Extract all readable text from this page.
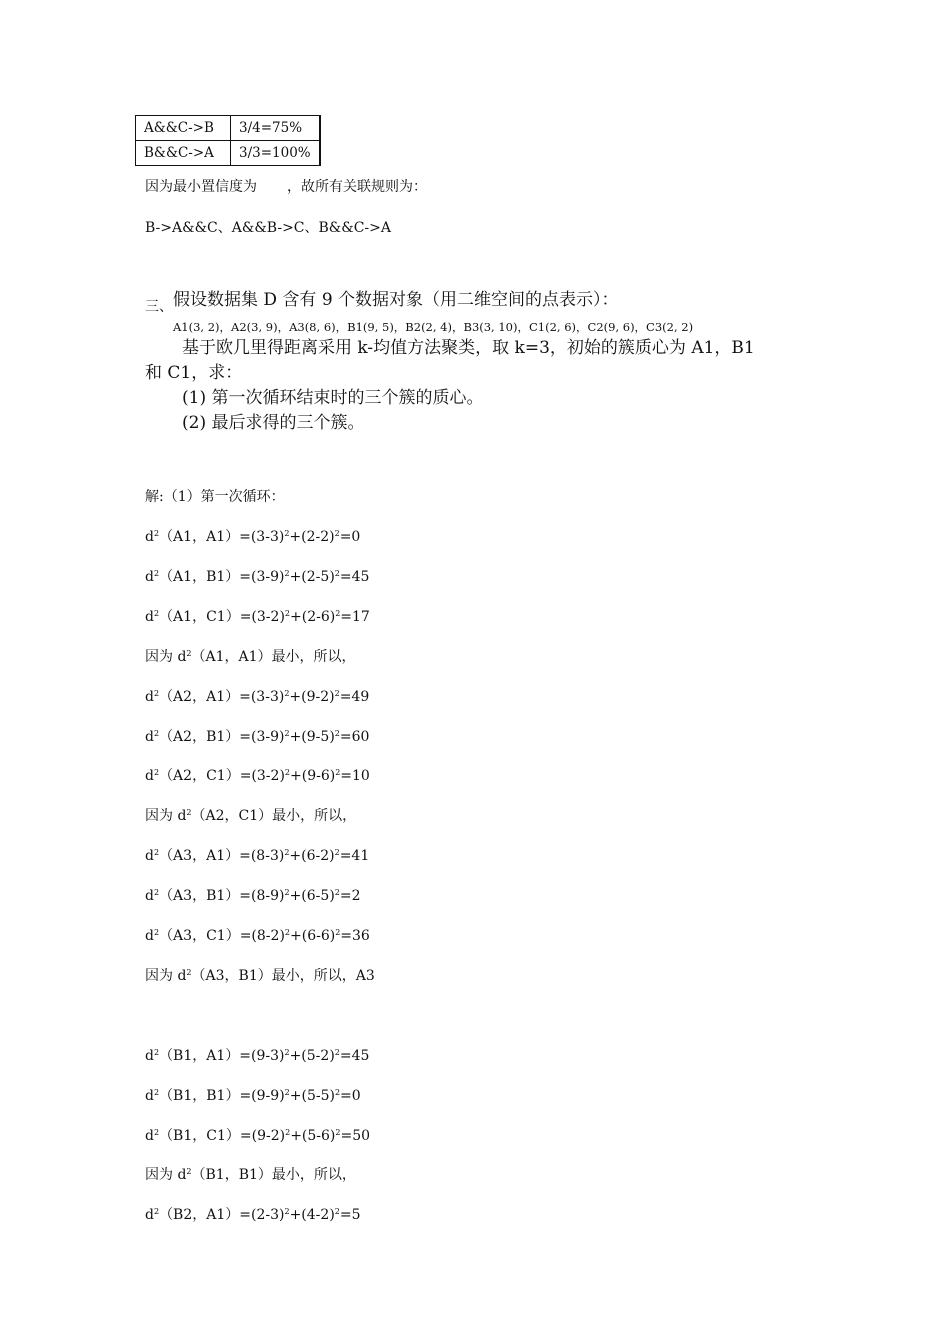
A&&C->B	3/4=75%
B&&C->A	3/3=100%
因为最小置信度为 ，故所有关联规则为：
B->A&&C、A&&B->C、B&&C->A
三、假设数据集 D 含有 9 个数据对象（用二维空间的点表示）：
A1(3, 2)，A2(3, 9)，A3(8, 6)，B1(9, 5)，B2(2, 4)，B3(3, 10)，C1(2, 6)，C2(9, 6)，C3(2, 2)
基于欧几里得距离采用 k-均值方法聚类，取 k=3，初始的簇质心为 A1，B1
和 C1，求：
(1) 第一次循环结束时的三个簇的质心。
(2) 最后求得的三个簇。
解:（1）第一次循环：
$d^2(A1$，$A1)=(3-3)^2+(2-2)^2=0$
$d^2(A1$，$B1)=(3-9)^2+(2-5)^2=45$
$d^2(A1$，$C1)=(3-2)^2+(2-6)^2=17$
因为 $d^2(A1$，A1）最小，所以，
$d^2(A2$，$A1)=(3-3)^2+(9-2)^2=49$
$d^2(A2$，$B1)=(3-9)^2+(9-5)^2=60$
$d^2(A2$，$C1)=(3-2)^2+(9-6)^2=10$
因为 $d^2(A2$，C1）最小，所以，
$d^2(A3$，$A1)=(8-3)^2+(6-2)^2=41$
$d^2(A3$，$B1)=(8-9)^2+(6-5)^2=2$
$d^2(A3$，$C1)=(8-2)^2+(6-6)^2=36$
因为 $d^2(A3$，B1）最小，所以，A3
$d^2(B1$，$A1)=(9-3)^2+(5-2)^2=45$
$d^2(B1$，$B1)=(9-9)^2+(5-5)^2=0$
$d^2(B1$，$C1)=(9-2)^2+(5-6)^2=50$
因为 $d^2(B1$，B1）最小，所以，
$d^2(B2$，$A1)=(2-3)^2+(4-2)^2=5$
